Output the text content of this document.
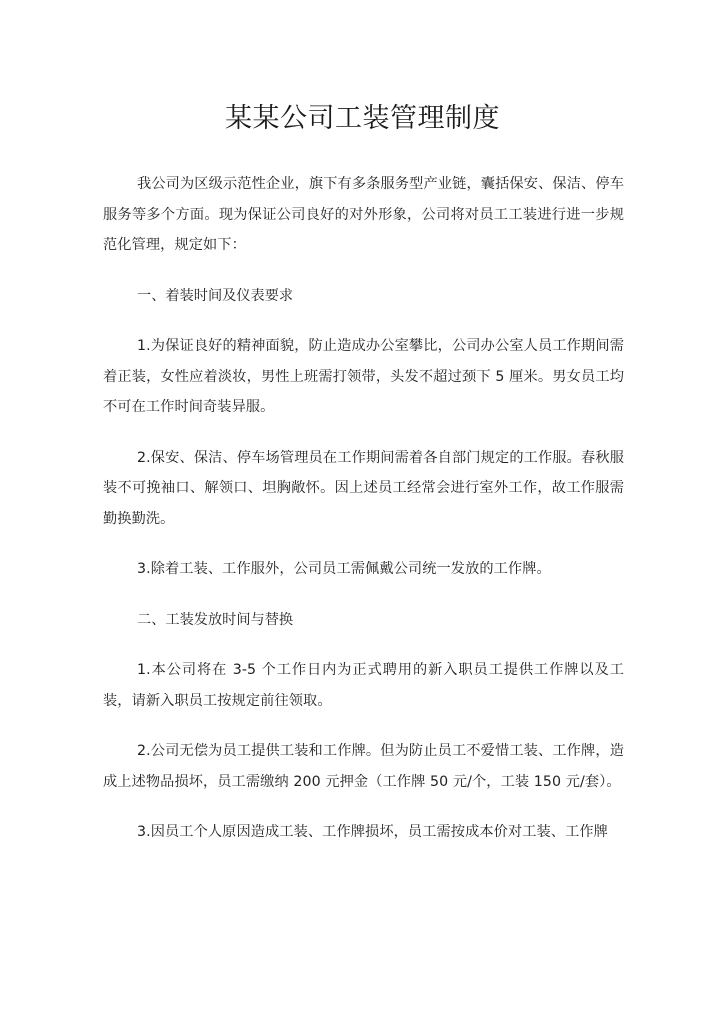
某某公司工装管理制度

我公司为区级示范性企业，旗下有多条服务型产业链，囊括保安、保洁、停车服务等多个方面。现为保证公司良好的对外形象，公司将对员工工装进行进一步规范化管理，规定如下：

一、着装时间及仪表要求

1.为保证良好的精神面貌，防止造成办公室攀比，公司办公室人员工作期间需着正装，女性应着淡妆，男性上班需打领带，头发不超过颈下 5 厘米。男女员工均不可在工作时间奇装异服。

2.保安、保洁、停车场管理员在工作期间需着各自部门规定的工作服。春秋服装不可挽袖口、解领口、坦胸敞怀。因上述员工经常会进行室外工作，故工作服需勤换勤洗。

3.除着工装、工作服外，公司员工需佩戴公司统一发放的工作牌。

二、工装发放时间与替换

1.本公司将在 3-5 个工作日内为正式聘用的新入职员工提供工作牌以及工装，请新入职员工按规定前往领取。

2.公司无偿为员工提供工装和工作牌。但为防止员工不爱惜工装、工作牌，造成上述物品损坏，员工需缴纳 200 元押金（工作牌 50 元/个，工装 150 元/套）。

3.因员工个人原因造成工装、工作牌损坏，员工需按成本价对工装、工作牌
